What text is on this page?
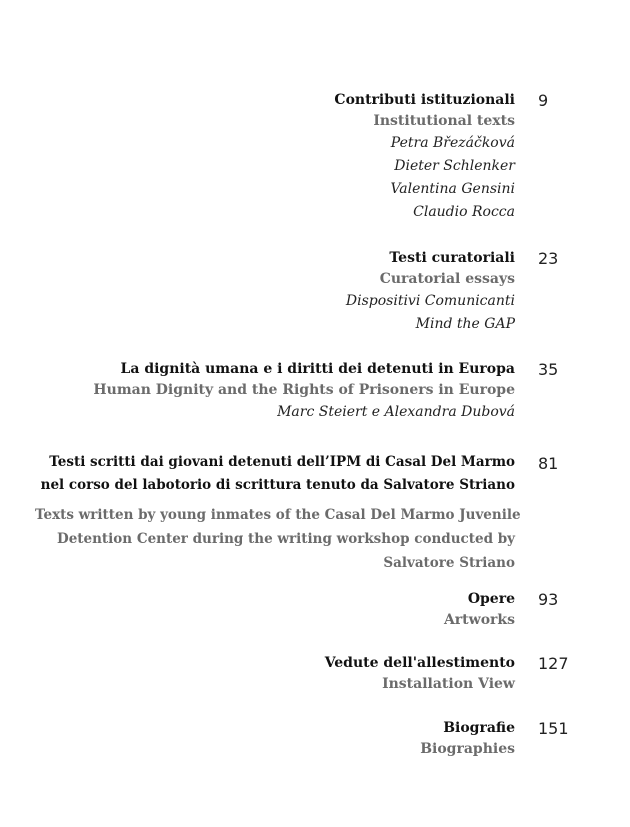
Contributi istituzionali
Institutional texts
Petra Březáčková
Dieter Schlenker
Valentina Gensini
Claudio Rocca
9
Testi curatoriali
Curatorial essays
Dispositivi Comunicanti
Mind the GAP
23
La dignità umana e i diritti dei detenuti in Europa
Human Dignity and the Rights of Prisoners in Europe
Marc Steiert e Alexandra Dubová
35
Testi scritti dai giovani detenuti dell’IPM di Casal Del Marmo
nel corso del labotorio di scrittura tenuto da Salvatore Striano
Texts written by young inmates of the Casal Del Marmo Juvenile
Detention Center during the writing workshop conducted by
Salvatore Striano
81
Opere
Artworks
93
Vedute dell'allestimento
Installation View
127
Biografie
Biographies
151
